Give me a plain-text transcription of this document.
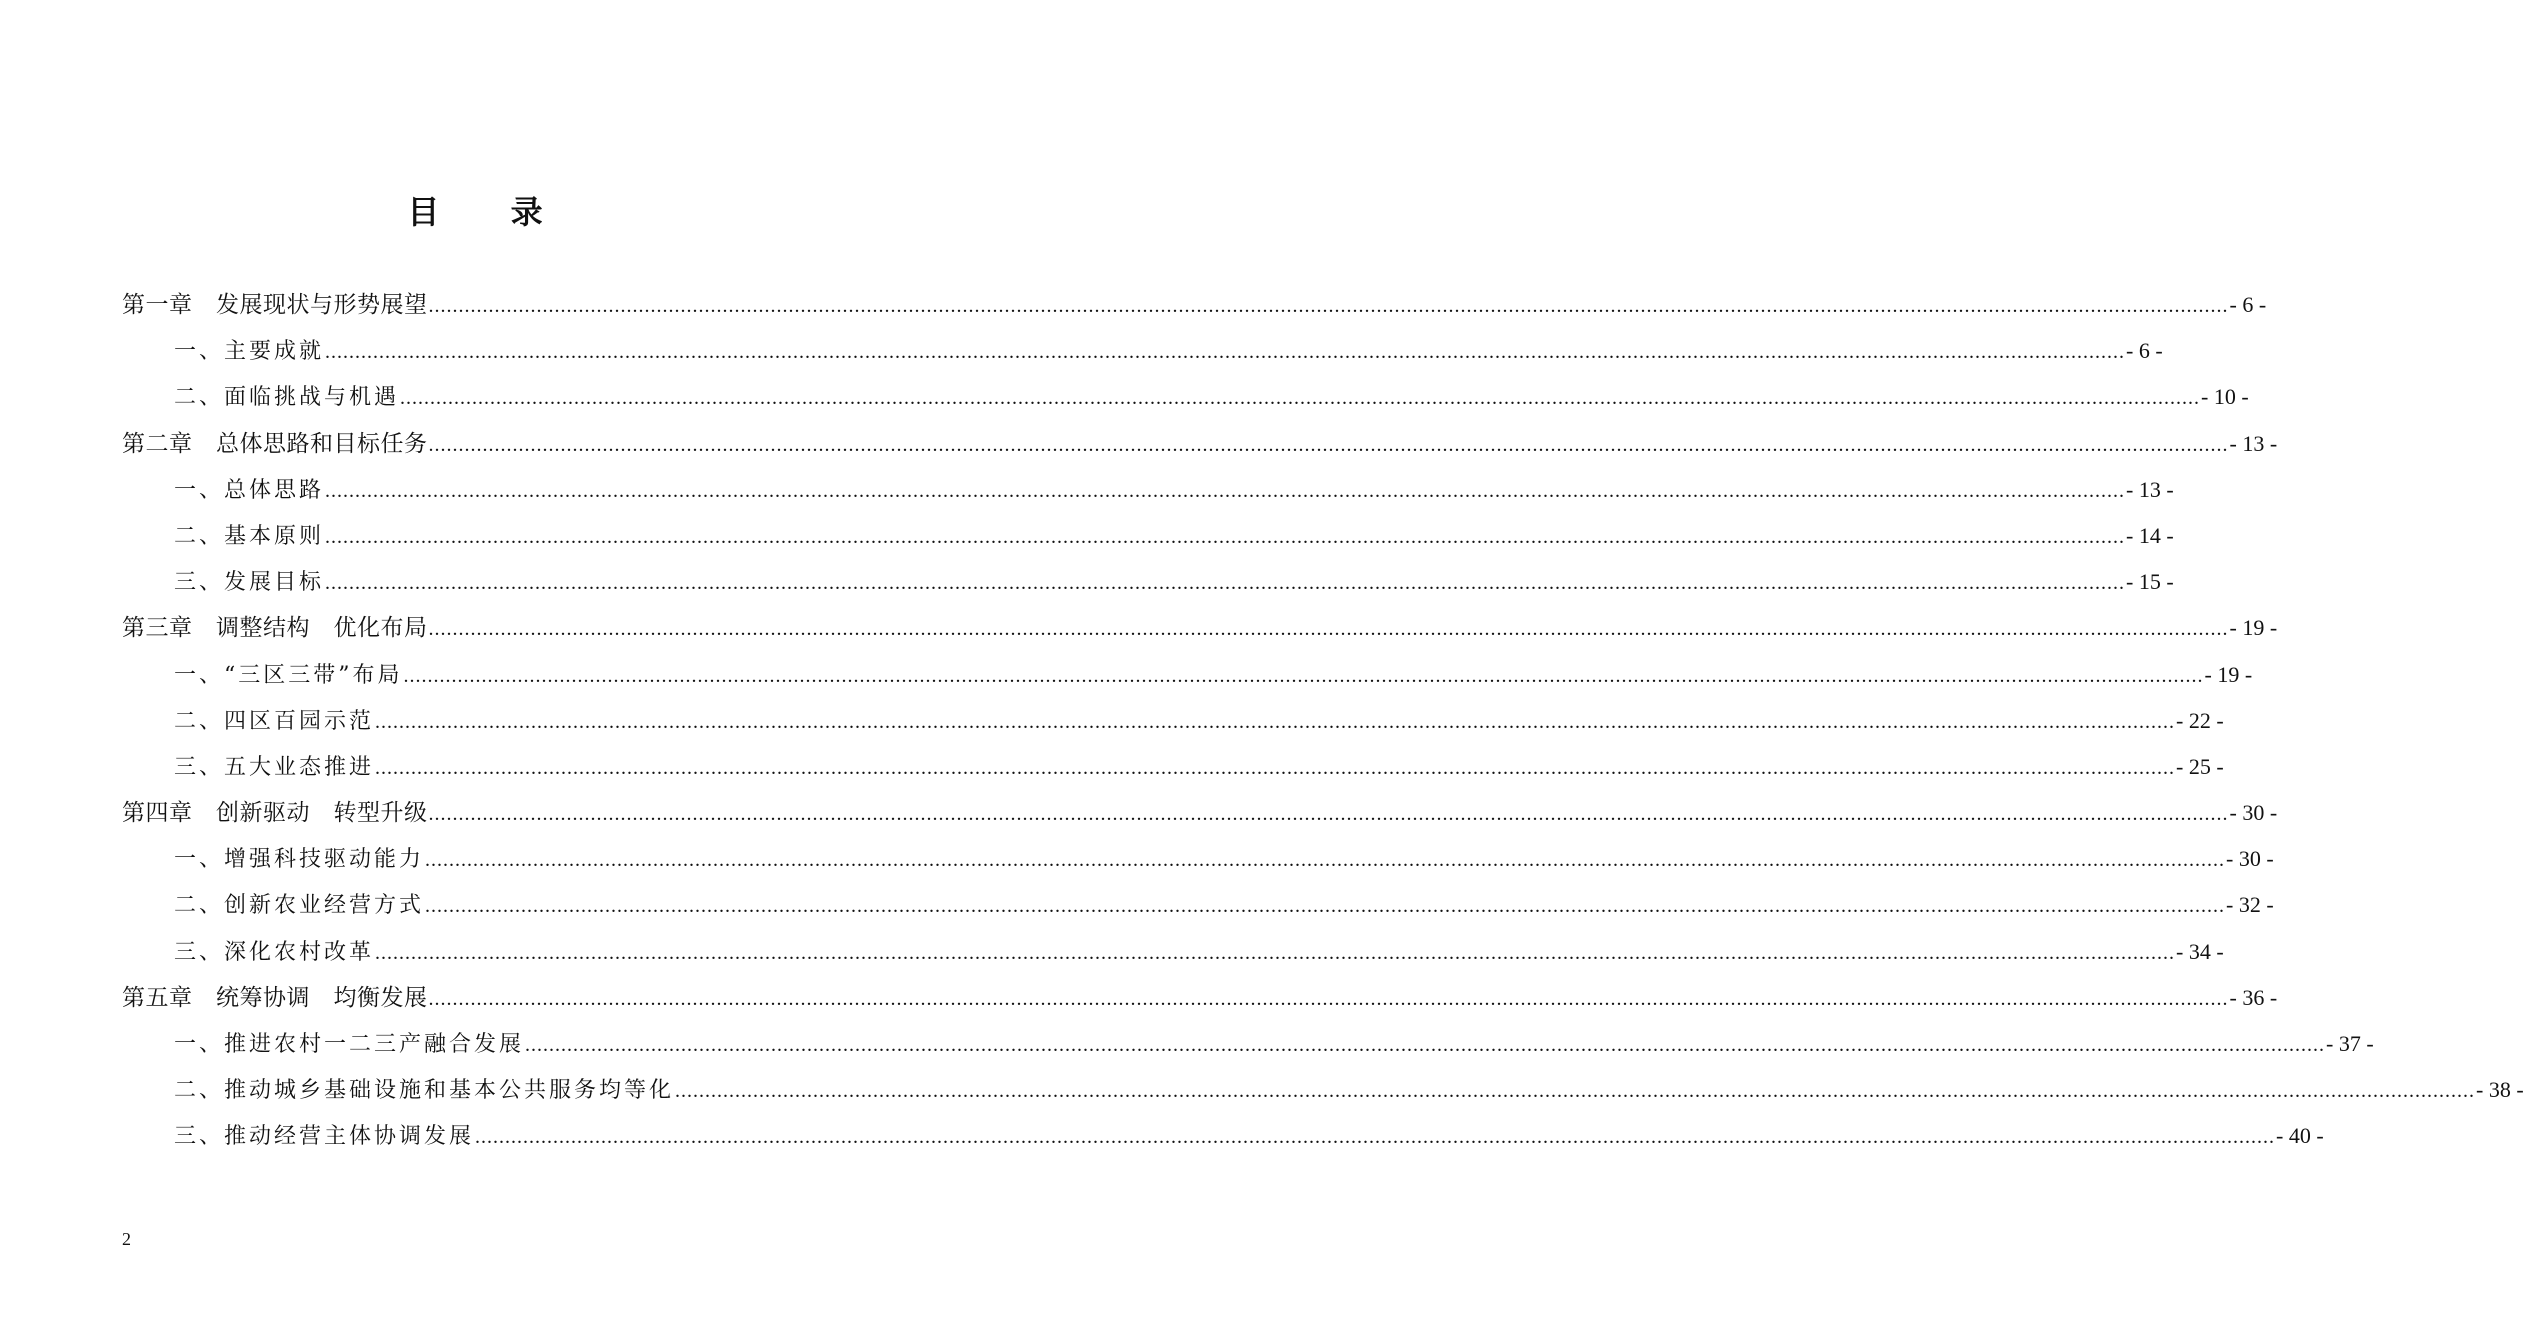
目 录
第一章　发展现状与形势展望 ............................................................................................................................................................................................................................................................................................................ - 6 -
一、主要成就 ............................................................................................................................................................................................................................................................................................................ - 6 -
二、面临挑战与机遇 ............................................................................................................................................................................................................................................................................................................ - 10 -
第二章　总体思路和目标任务 ............................................................................................................................................................................................................................................................................................................ - 13 -
一、总体思路 ............................................................................................................................................................................................................................................................................................................ - 13 -
二、基本原则 ............................................................................................................................................................................................................................................................................................................ - 14 -
三、发展目标 ............................................................................................................................................................................................................................................................................................................ - 15 -
第三章　调整结构　优化布局 ............................................................................................................................................................................................................................................................................................................ - 19 -
一、“三区三带”布局 ............................................................................................................................................................................................................................................................................................................ - 19 -
二、四区百园示范 ............................................................................................................................................................................................................................................................................................................ - 22 -
三、五大业态推进 ............................................................................................................................................................................................................................................................................................................ - 25 -
第四章　创新驱动　转型升级 ............................................................................................................................................................................................................................................................................................................ - 30 -
一、增强科技驱动能力 ............................................................................................................................................................................................................................................................................................................ - 30 -
二、创新农业经营方式 ............................................................................................................................................................................................................................................................................................................ - 32 -
三、深化农村改革 ............................................................................................................................................................................................................................................................................................................ - 34 -
第五章　统筹协调　均衡发展 ............................................................................................................................................................................................................................................................................................................ - 36 -
一、推进农村一二三产融合发展 ............................................................................................................................................................................................................................................................................................................ - 37 -
二、推动城乡基础设施和基本公共服务均等化 ............................................................................................................................................................................................................................................................................................................ - 38 -
三、推动经营主体协调发展 ............................................................................................................................................................................................................................................................................................................ - 40 -
2
